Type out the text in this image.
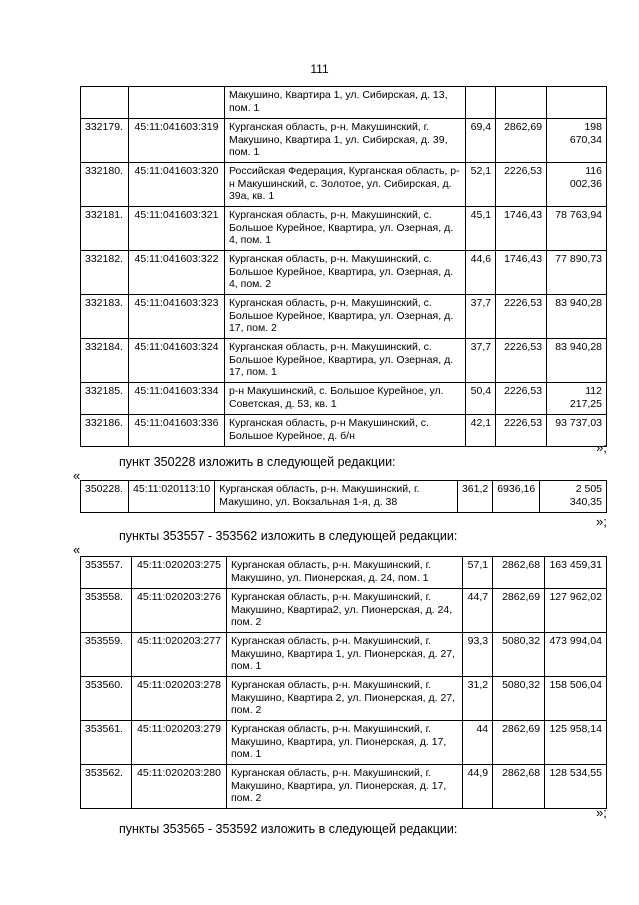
111
		Макушино, Квартира 1, ул. Сибирская, д. 13, пом. 1			
332179.	45:11:041603:319	Курганская область, р-н. Макушинский, г. Макушино, Квартира 1, ул. Сибирская, д. 39, пом. 1	69,4	2862,69	198 670,34
332180.	45:11:041603:320	Российская Федерация, Курганская область, р-н Макушинский, с. Золотое, ул. Сибирская, д. 39а, кв. 1	52,1	2226,53	116 002,36
332181.	45:11:041603:321	Курганская область, р-н. Макушинский, с. Большое Курейное, Квартира, ул. Озерная, д. 4, пом. 1	45,1	1746,43	78 763,94
332182.	45:11:041603:322	Курганская область, р-н. Макушинский, с. Большое Курейное, Квартира, ул. Озерная, д. 4, пом. 2	44,6	1746,43	77 890,73
332183.	45:11:041603:323	Курганская область, р-н. Макушинский, с. Большое Курейное, Квартира, ул. Озерная, д. 17, пом. 2	37,7	2226,53	83 940,28
332184.	45:11:041603:324	Курганская область, р-н. Макушинский, с. Большое Курейное, Квартира, ул. Озерная, д. 17, пом. 1	37,7	2226,53	83 940,28
332185.	45:11:041603:334	р-н Макушинский, с. Большое Курейное, ул. Советская, д. 53, кв. 1	50,4	2226,53	112 217,25
332186.	45:11:041603:336	Курганская область, р-н Макушинский, с. Большое Курейное, д. б/н	42,1	2226,53	93 737,03
»;
пункт 350228 изложить в следующей редакции:
«
350228.	45:11:020113:10	Курганская область, р-н. Макушинский, г. Макушино, ул. Вокзальная 1-я, д. 38	361,2	6936,16	2 505 340,35
»;
пункты 353557 - 353562 изложить в следующей редакции:
«
353557.	45:11:020203:275	Курганская область, р-н. Макушинский, г. Макушино, ул. Пионерская, д. 24, пом. 1	57,1	2862,68	163 459,31
353558.	45:11:020203:276	Курганская область, р-н. Макушинский, г. Макушино, Квартира2, ул. Пионерская, д. 24, пом. 2	44,7	2862,69	127 962,02
353559.	45:11:020203:277	Курганская область, р-н. Макушинский, г. Макушино, Квартира 1, ул. Пионерская, д. 27, пом. 1	93,3	5080,32	473 994,04
353560.	45:11:020203:278	Курганская область, р-н. Макушинский, г. Макушино, Квартира 2, ул. Пионерская, д. 27, пом. 2	31,2	5080,32	158 506,04
353561.	45:11:020203:279	Курганская область, р-н. Макушинский, г. Макушино, Квартира, ул. Пионерская, д. 17, пом. 1	44	2862,69	125 958,14
353562.	45:11:020203:280	Курганская область, р-н. Макушинский, г. Макушино, Квартира, ул. Пионерская, д. 17, пом. 2	44,9	2862,68	128 534,55
»;
пункты 353565 - 353592 изложить в следующей редакции:
